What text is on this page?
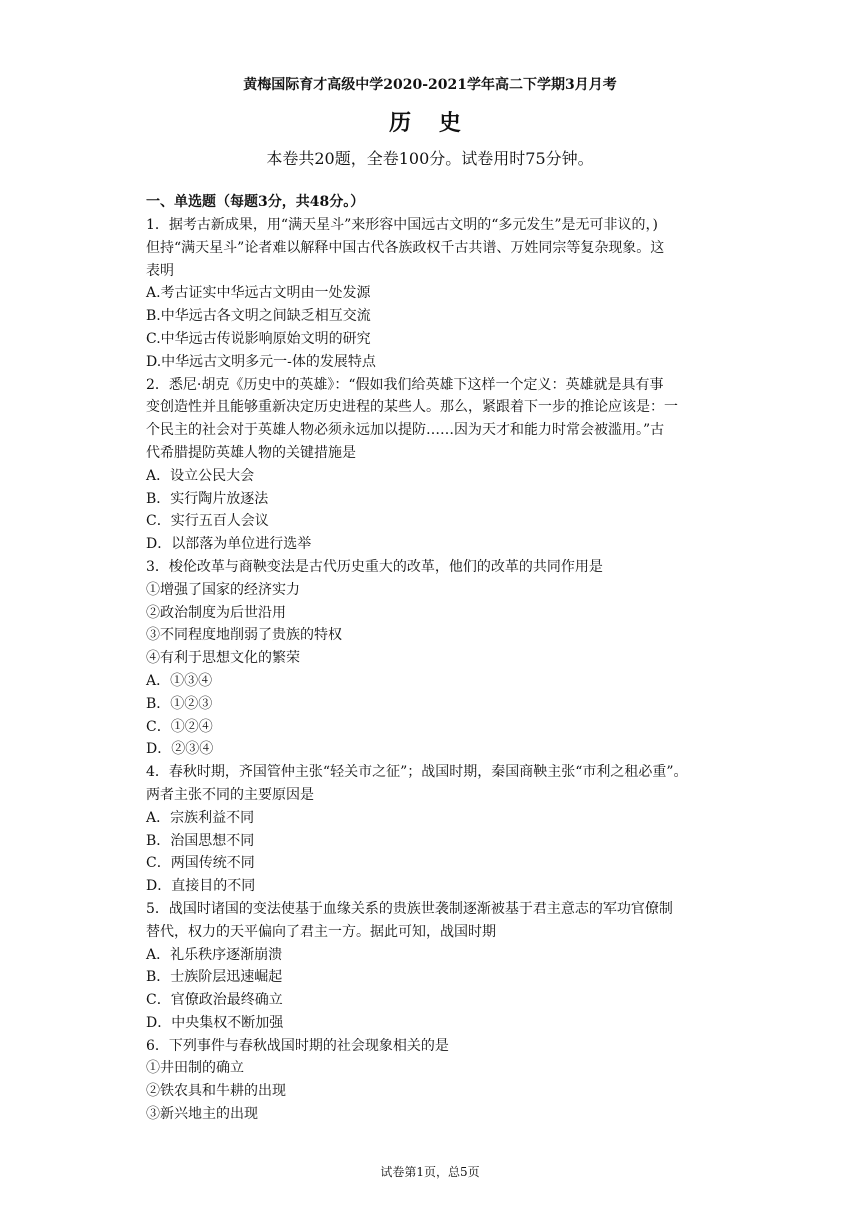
黄梅国际育才高级中学2020-2021学年高二下学期3月月考
历 史
本卷共20题，全卷100分。试卷用时75分钟。
一、单选题（每题3分，共48分。）
1．据考古新成果，用“满天星斗”来形容中国远古文明的“多元发生”是无可非议的，)
但持“满天星斗”论者难以解释中国古代各族政权千古共谱、万姓同宗等复杂现象。这
表明
A.考古证实中华远古文明由一处发源
B.中华远古各文明之间缺乏相互交流
C.中华远古传说影响原始文明的研究
D.中华远古文明多元一-体的发展特点
2．悉尼·胡克《历史中的英雄》：“假如我们给英雄下这样一个定义：英雄就是具有事
变创造性并且能够重新决定历史进程的某些人。那么，紧跟着下一步的推论应该是：一
个民主的社会对于英雄人物必须永远加以提防……因为天才和能力时常会被滥用。”古
代希腊提防英雄人物的关键措施是
A．设立公民大会
B．实行陶片放逐法
C．实行五百人会议
D．以部落为单位进行选举
3．梭伦改革与商鞅变法是古代历史重大的改革，他们的改革的共同作用是
①增强了国家的经济实力
②政治制度为后世沿用
③不同程度地削弱了贵族的特权
④有利于思想文化的繁荣
A．①③④
B．①②③
C．①②④
D．②③④
4．春秋时期，齐国管仲主张“轻关市之征”；战国时期，秦国商鞅主张“市利之租必重”。
两者主张不同的主要原因是
A．宗族利益不同
B．治国思想不同
C．两国传统不同
D．直接目的不同
5．战国时诸国的变法使基于血缘关系的贵族世袭制逐渐被基于君主意志的军功官僚制
替代，权力的天平偏向了君主一方。据此可知，战国时期
A．礼乐秩序逐渐崩溃
B．士族阶层迅速崛起
C．官僚政治最终确立
D．中央集权不断加强
6．下列事件与春秋战国时期的社会现象相关的是
①井田制的确立
②铁农具和牛耕的出现
③新兴地主的出现
试卷第1页，总5页
